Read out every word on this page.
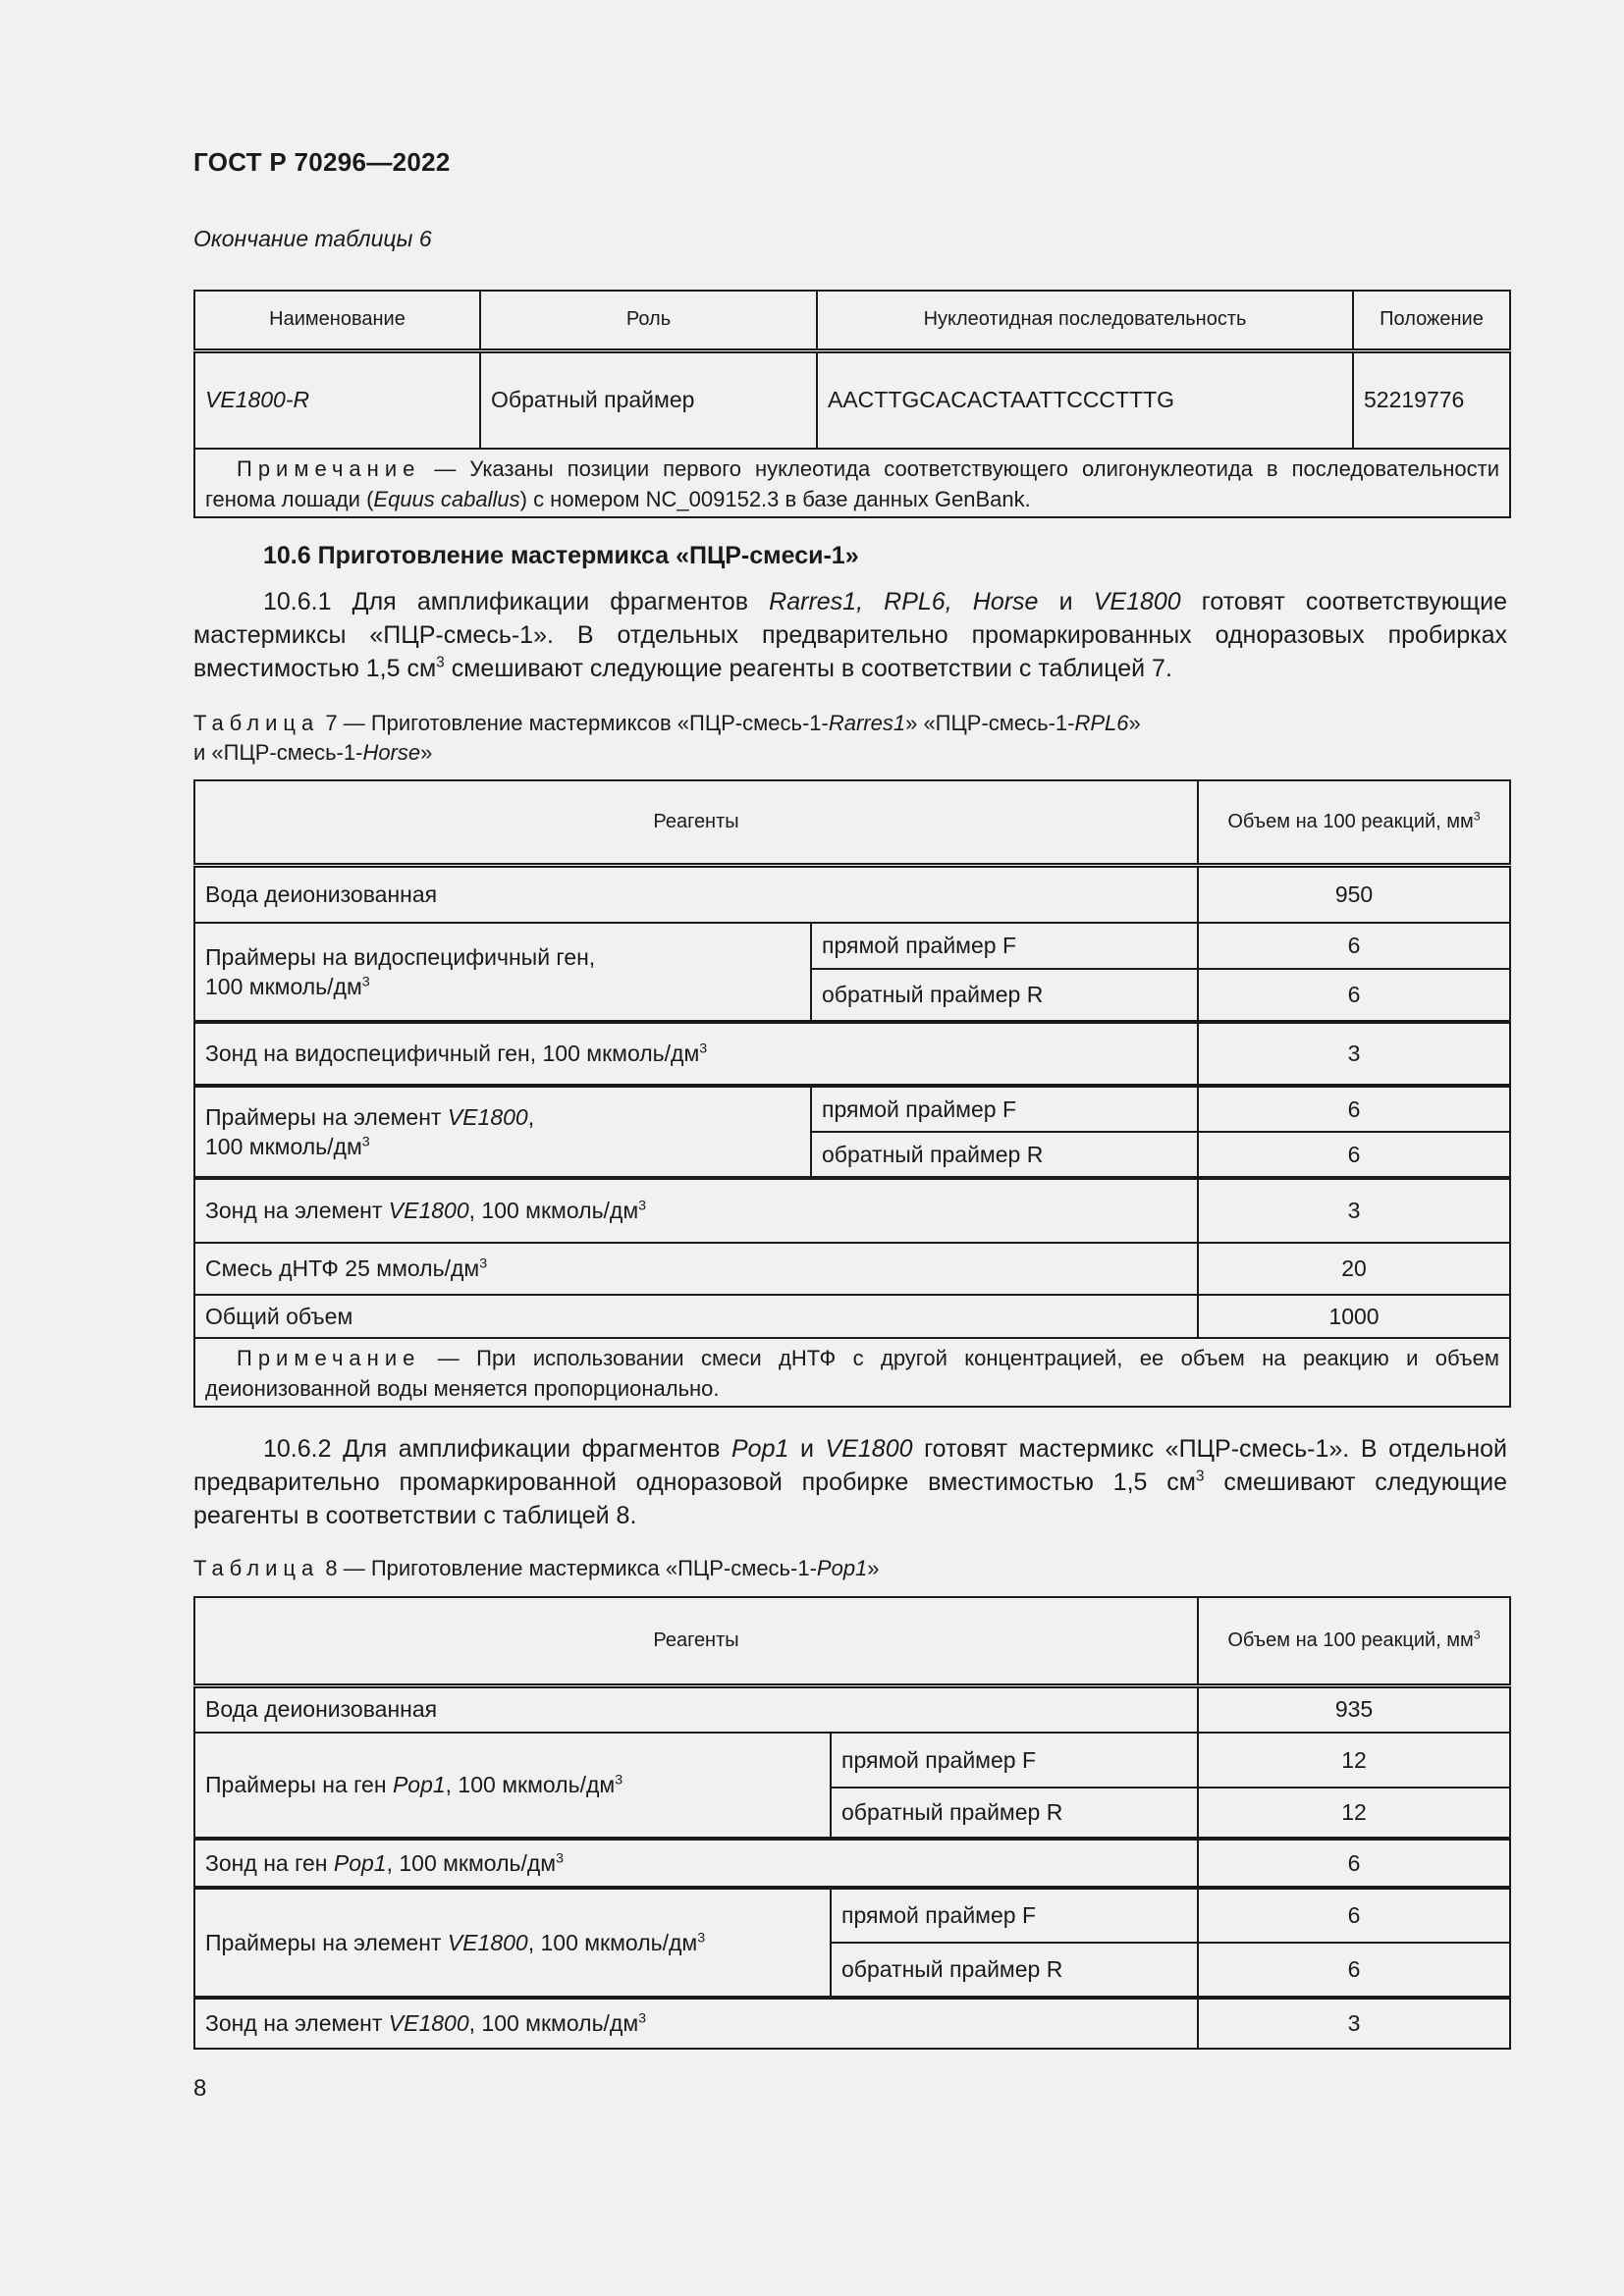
ГОСТ Р 70296—2022
Окончание таблицы 6
Наименование	Роль	Нуклеотидная последовательность	Положение
VE1800-R	Обратный праймер	AACTTGCACACTAATTCCCTTTG	52219776
Примечание — Указаны позиции первого нуклеотида соответствующего олигонуклеотида в последовательности генома лошади (Equus caballus) с номером NC_009152.3 в базе данных GenBank.			
10.6 Приготовление мастермикса «ПЦР-смеси-1»
10.6.1 Для амплификации фрагментов Rarres1, RPL6, Horse и VE1800 готовят соответствующие мастермиксы «ПЦР-смесь-1». В отдельных предварительно промаркированных одноразовых пробирках вместимостью 1,5 $см^3$ смешивают следующие реагенты в соответствии с таблицей 7.
Таблица 7 — Приготовление мастермиксов «ПЦР-смесь-1-Rarres1» «ПЦР-смесь-1-RPL6»
и «ПЦР-смесь-1-Horse»
Реагенты		Объем на 100 реакций, $мм^3$
Вода деионизованная		950
Праймеры на видоспецифичный ген,
100 мкмоль/$дм^3$	прямой праймер F	6
	обратный праймер R	6
Зонд на видоспецифичный ген, 100 мкмоль/$дм^3$		3
Праймеры на элемент VE1800,
100 мкмоль/$дм^3$	прямой праймер F	6
	обратный праймер R	6
Зонд на элемент VE1800, 100 мкмоль/$дм^3$		3
Смесь дНТФ 25 ммоль/$дм^3$		20
Общий объем		1000
Примечание — При использовании смеси дНТФ с другой концентрацией, ее объем на реакцию и объем деионизованной воды меняется пропорционально.		
10.6.2 Для амплификации фрагментов Pop1 и VE1800 готовят мастермикс «ПЦР-смесь-1». В отдельной предварительно промаркированной одноразовой пробирке вместимостью 1,5 $см^3$ смешивают следующие реагенты в соответствии с таблицей 8.
Таблица 8 — Приготовление мастермикса «ПЦР-смесь-1-Pop1»
Реагенты		Объем на 100 реакций, $мм^3$
Вода деионизованная		935
Праймеры на ген Pop1, 100 мкмоль/$дм^3$	прямой праймер F	12
	обратный праймер R	12
Зонд на ген Pop1, 100 мкмоль/$дм^3$		6
Праймеры на элемент VE1800, 100 мкмоль/$дм^3$	прямой праймер F	6
	обратный праймер R	6
Зонд на элемент VE1800, 100 мкмоль/$дм^3$		3
8
